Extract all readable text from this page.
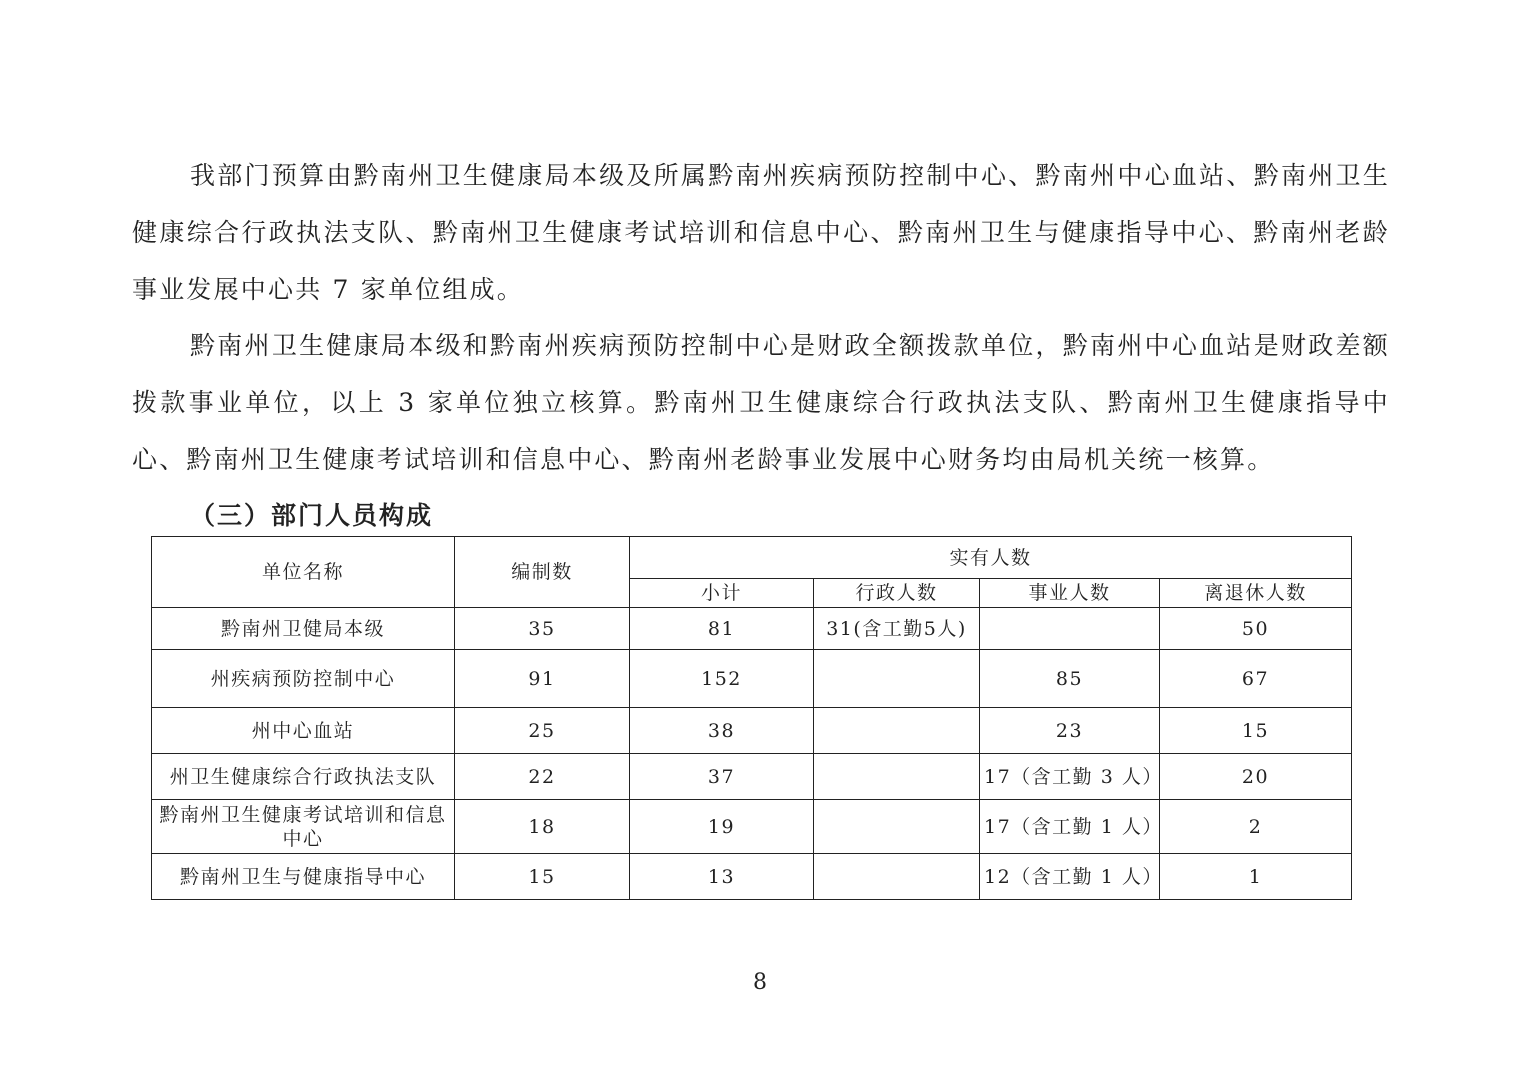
我部门预算由黔南州卫生健康局本级及所属黔南州疾病预防控制中心、黔南州中心血站、黔南州卫生健康综合行政执法支队、黔南州卫生健康考试培训和信息中心、黔南州卫生与健康指导中心、黔南州老龄事业发展中心共 7 家单位组成。

黔南州卫生健康局本级和黔南州疾病预防控制中心是财政全额拨款单位，黔南州中心血站是财政差额拨款事业单位，以上 3 家单位独立核算。黔南州卫生健康综合行政执法支队、黔南州卫生健康指导中心、黔南州卫生健康考试培训和信息中心、黔南州老龄事业发展中心财务均由局机关统一核算。

（三）部门人员构成
单位名称	编制数	实有人数			
		小计	行政人数	事业人数	离退休人数
黔南州卫健局本级	35	81	31(含工勤5人)		50
州疾病预防控制中心	91	152		85	67
州中心血站	25	38		23	15
州卫生健康综合行政执法支队	22	37		17（含工勤 3 人）	20
黔南州卫生健康考试培训和信息中心	18	19		17（含工勤 1 人）	2
黔南州卫生与健康指导中心	15	13		12（含工勤 1 人）	1

8
